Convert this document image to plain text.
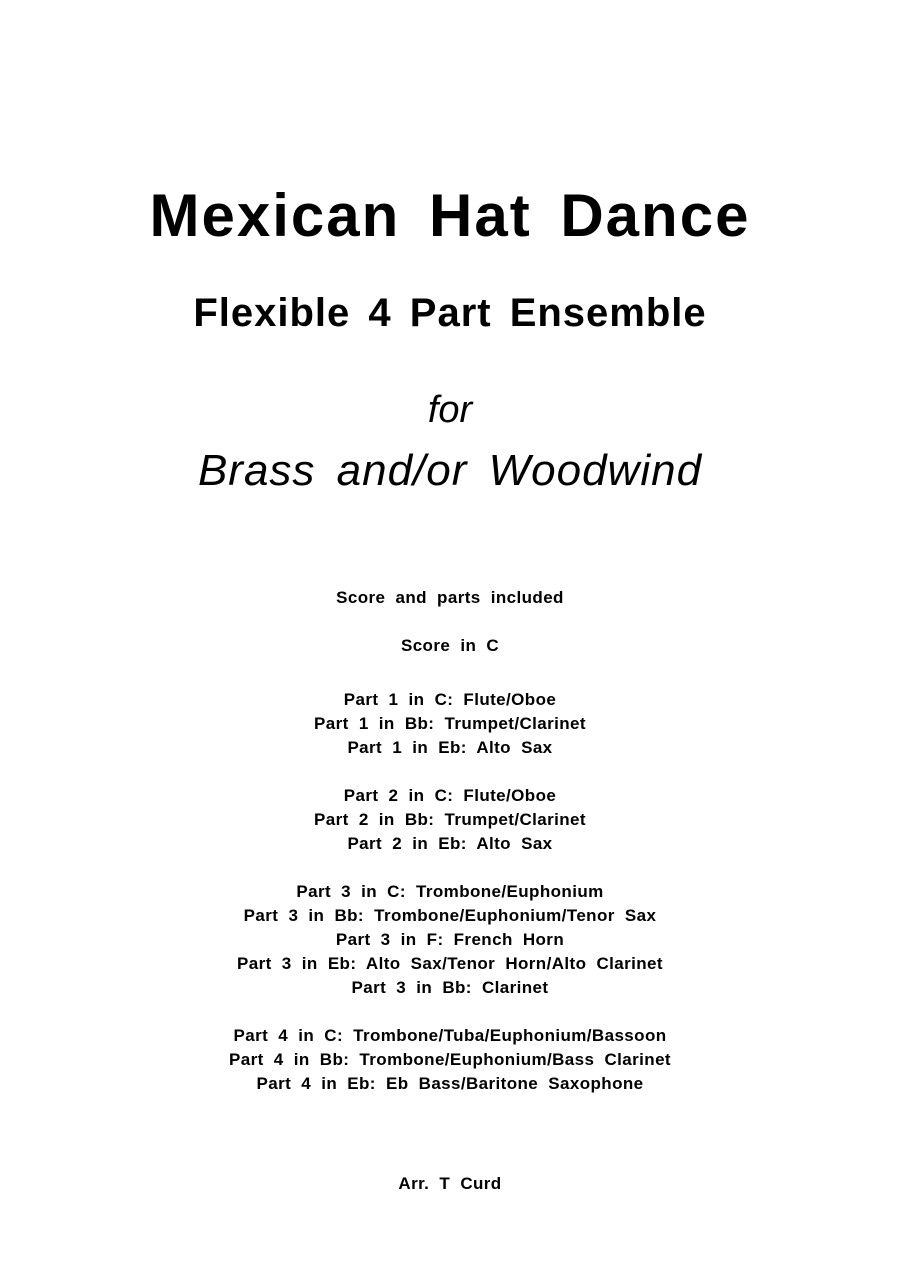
Mexican Hat Dance
Flexible 4 Part Ensemble
for
Brass and/or Woodwind
Score and parts included
Score in C
Part 1 in C: Flute/Oboe
Part 1 in Bb: Trumpet/Clarinet
Part 1 in Eb: Alto Sax
Part 2 in C: Flute/Oboe
Part 2 in Bb: Trumpet/Clarinet
Part 2 in Eb: Alto Sax
Part 3 in C: Trombone/Euphonium
Part 3 in Bb: Trombone/Euphonium/Tenor Sax
Part 3 in F: French Horn
Part 3 in Eb: Alto Sax/Tenor Horn/Alto Clarinet
Part 3 in Bb: Clarinet
Part 4 in C: Trombone/Tuba/Euphonium/Bassoon
Part 4 in Bb: Trombone/Euphonium/Bass Clarinet
Part 4 in Eb: Eb Bass/Baritone Saxophone
Arr. T Curd
